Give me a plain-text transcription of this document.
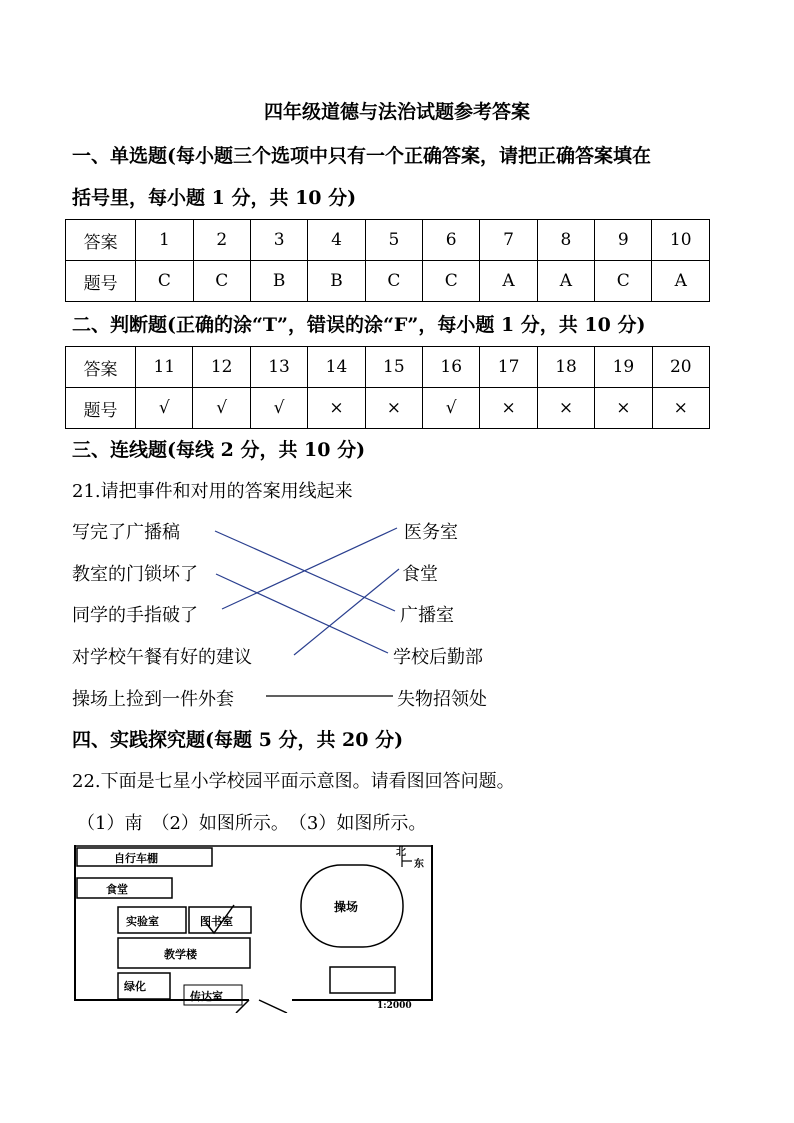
四年级道德与法治试题参考答案
一、单选题(每小题三个选项中只有一个正确答案，请把正确答案填在
括号里，每小题 1 分，共 10 分)
答案	1	2	3	4	5	6	7	8	9	10
题号	C	C	B	B	C	C	A	A	C	A
二、判断题(正确的涂“T”，错误的涂“F”，每小题 1 分，共 10 分)
答案	11	12	13	14	15	16	17	18	19	20
题号	√	√	√	×	×	√	×	×	×	×
三、连线题(每线 2 分，共 10 分)
21.请把事件和对用的答案用线起来
写完了广播稿
教室的门锁坏了
同学的手指破了
对学校午餐有好的建议
操场上捡到一件外套
医务室
食堂
广播室
学校后勤部
失物招领处
四、实践探究题(每题 5 分，共 20 分)
22.下面是七星小学校园平面示意图。请看图回答问题。
（1）南　（2）如图所示。　（3）如图所示。
自行车棚
食堂
实验室	图书室
教学楼
绿化
传达室
操场
北
东
1:2000
